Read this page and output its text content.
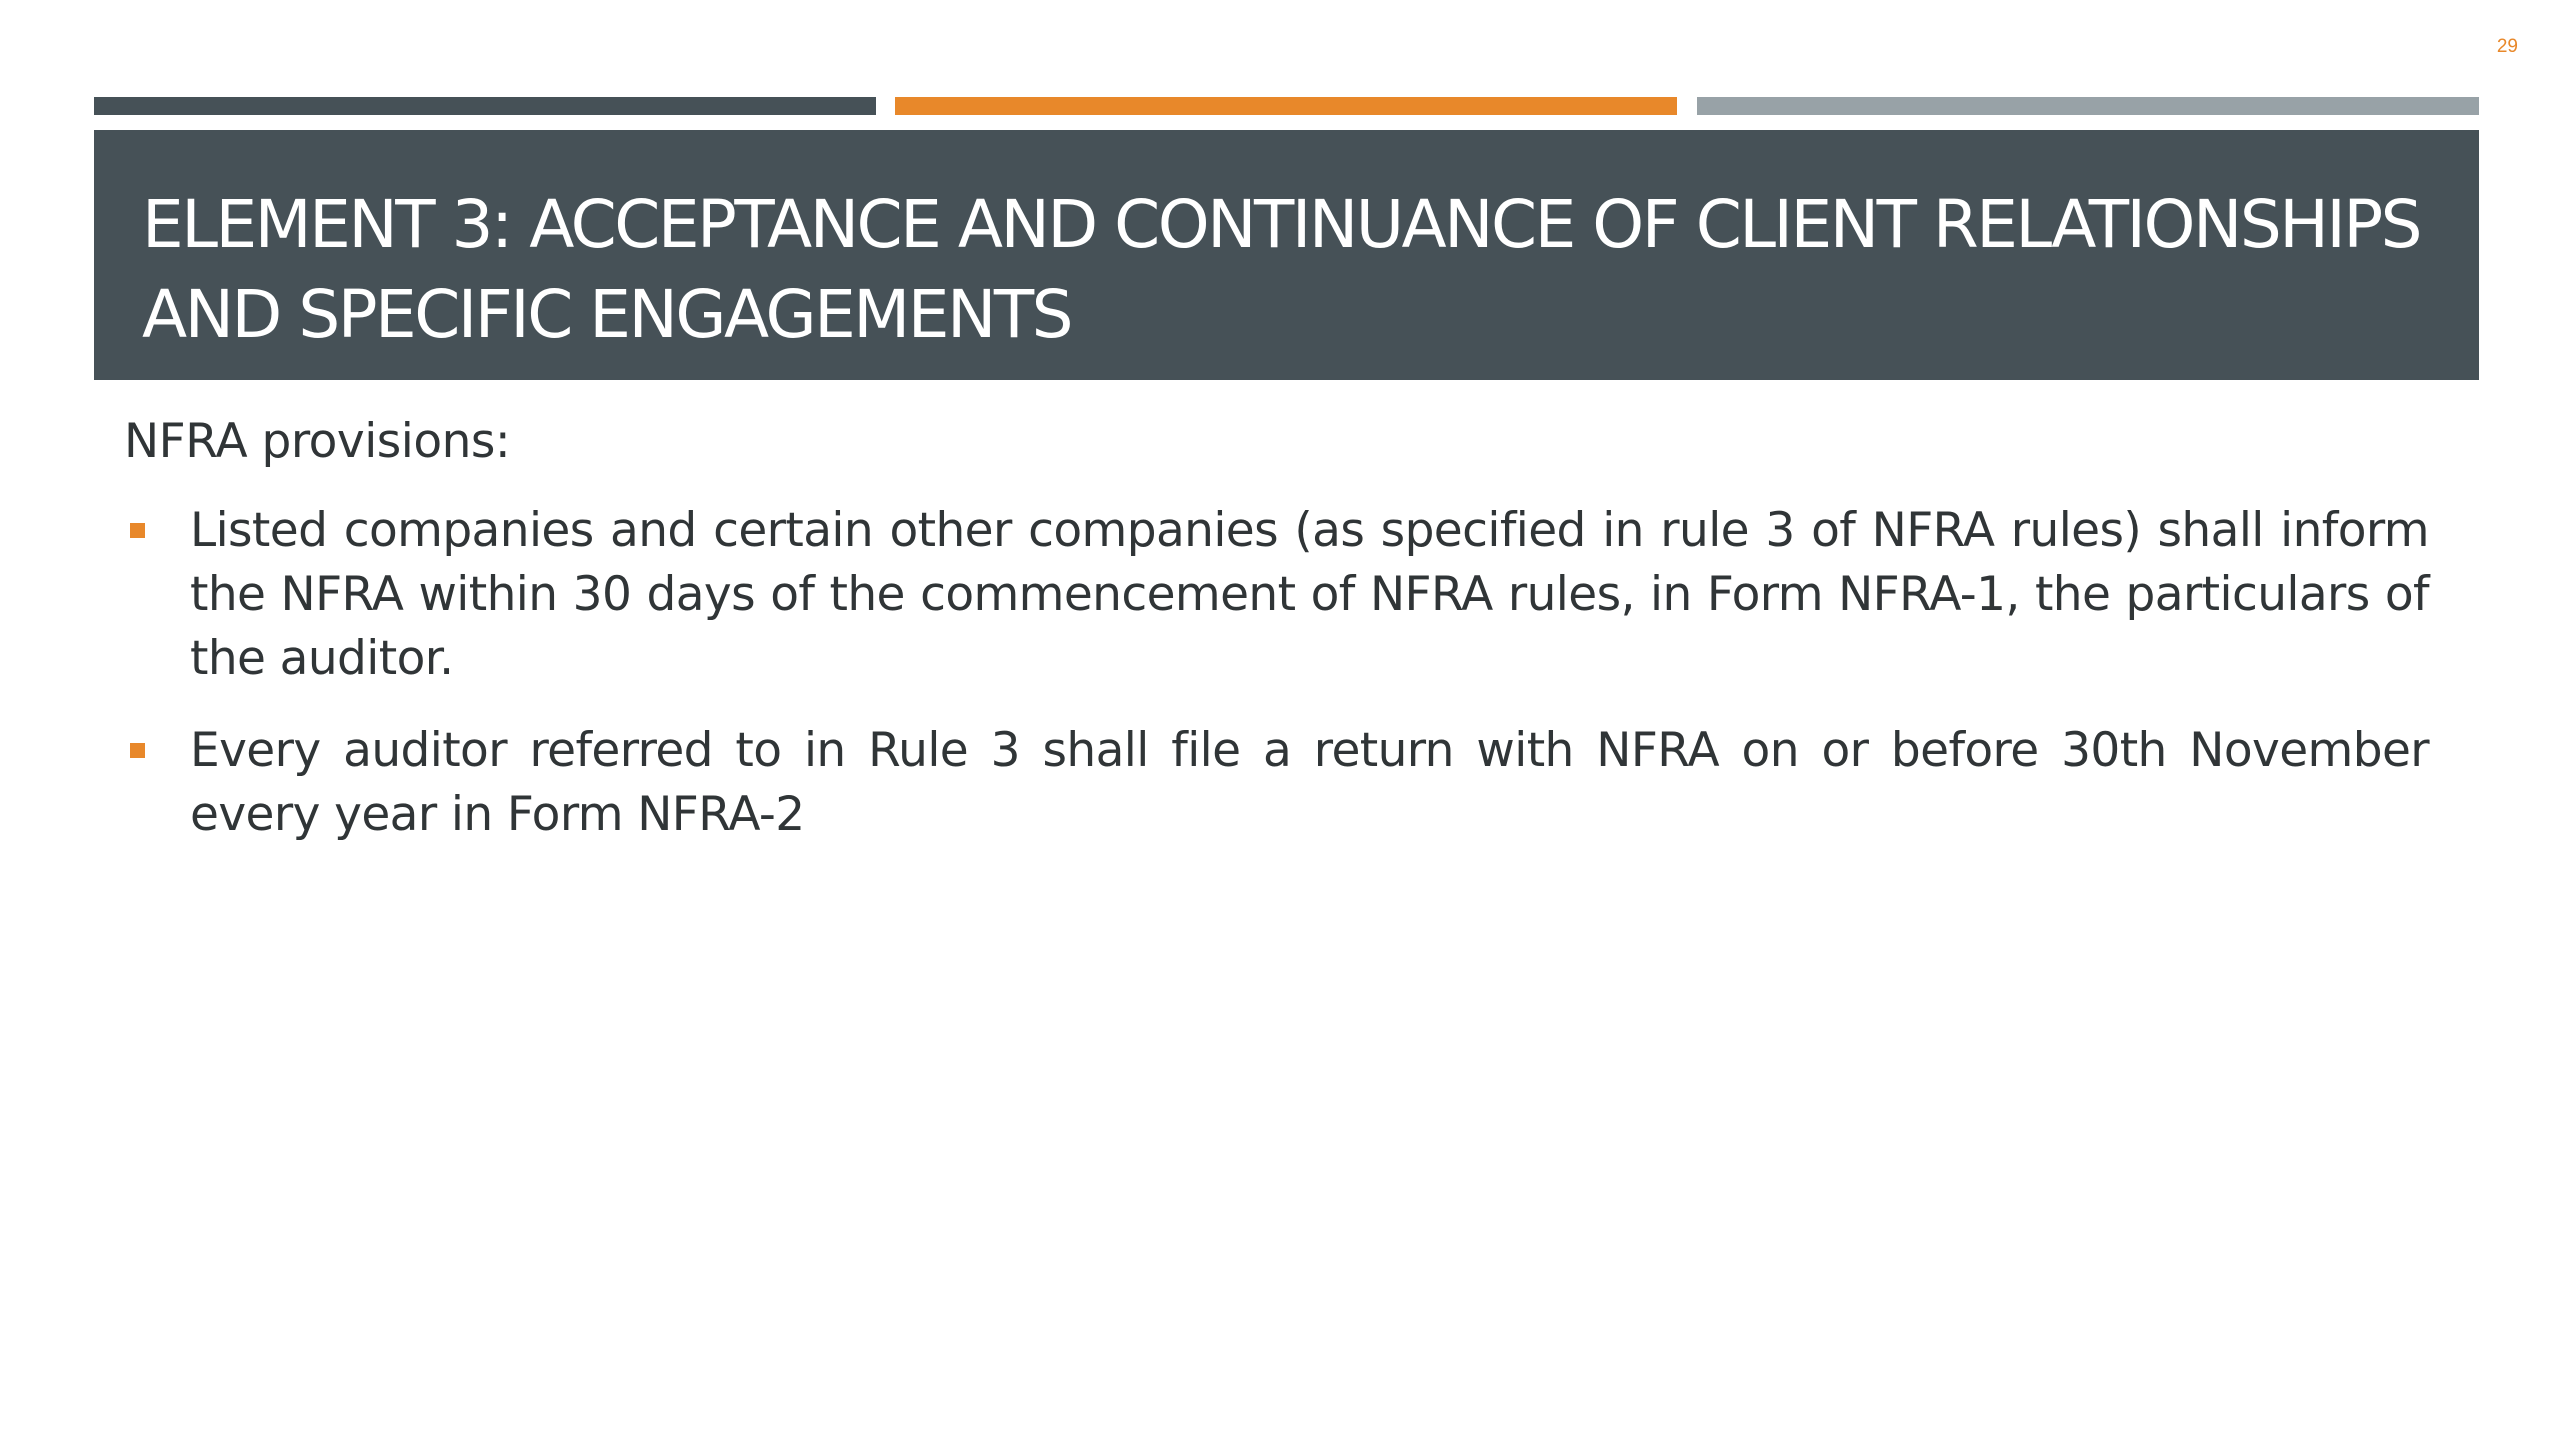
29
ELEMENT 3: ACCEPTANCE AND CONTINUANCE OF CLIENT RELATIONSHIPS AND SPECIFIC ENGAGEMENTS

NFRA provisions:

Listed companies and certain other companies (as specified in rule 3 of NFRA rules) shall inform the NFRA within 30 days of the commencement of NFRA rules, in Form NFRA-1, the particulars of the auditor.
Every auditor referred to in Rule 3 shall file a return with NFRA on or before 30th November every year in Form NFRA-2
